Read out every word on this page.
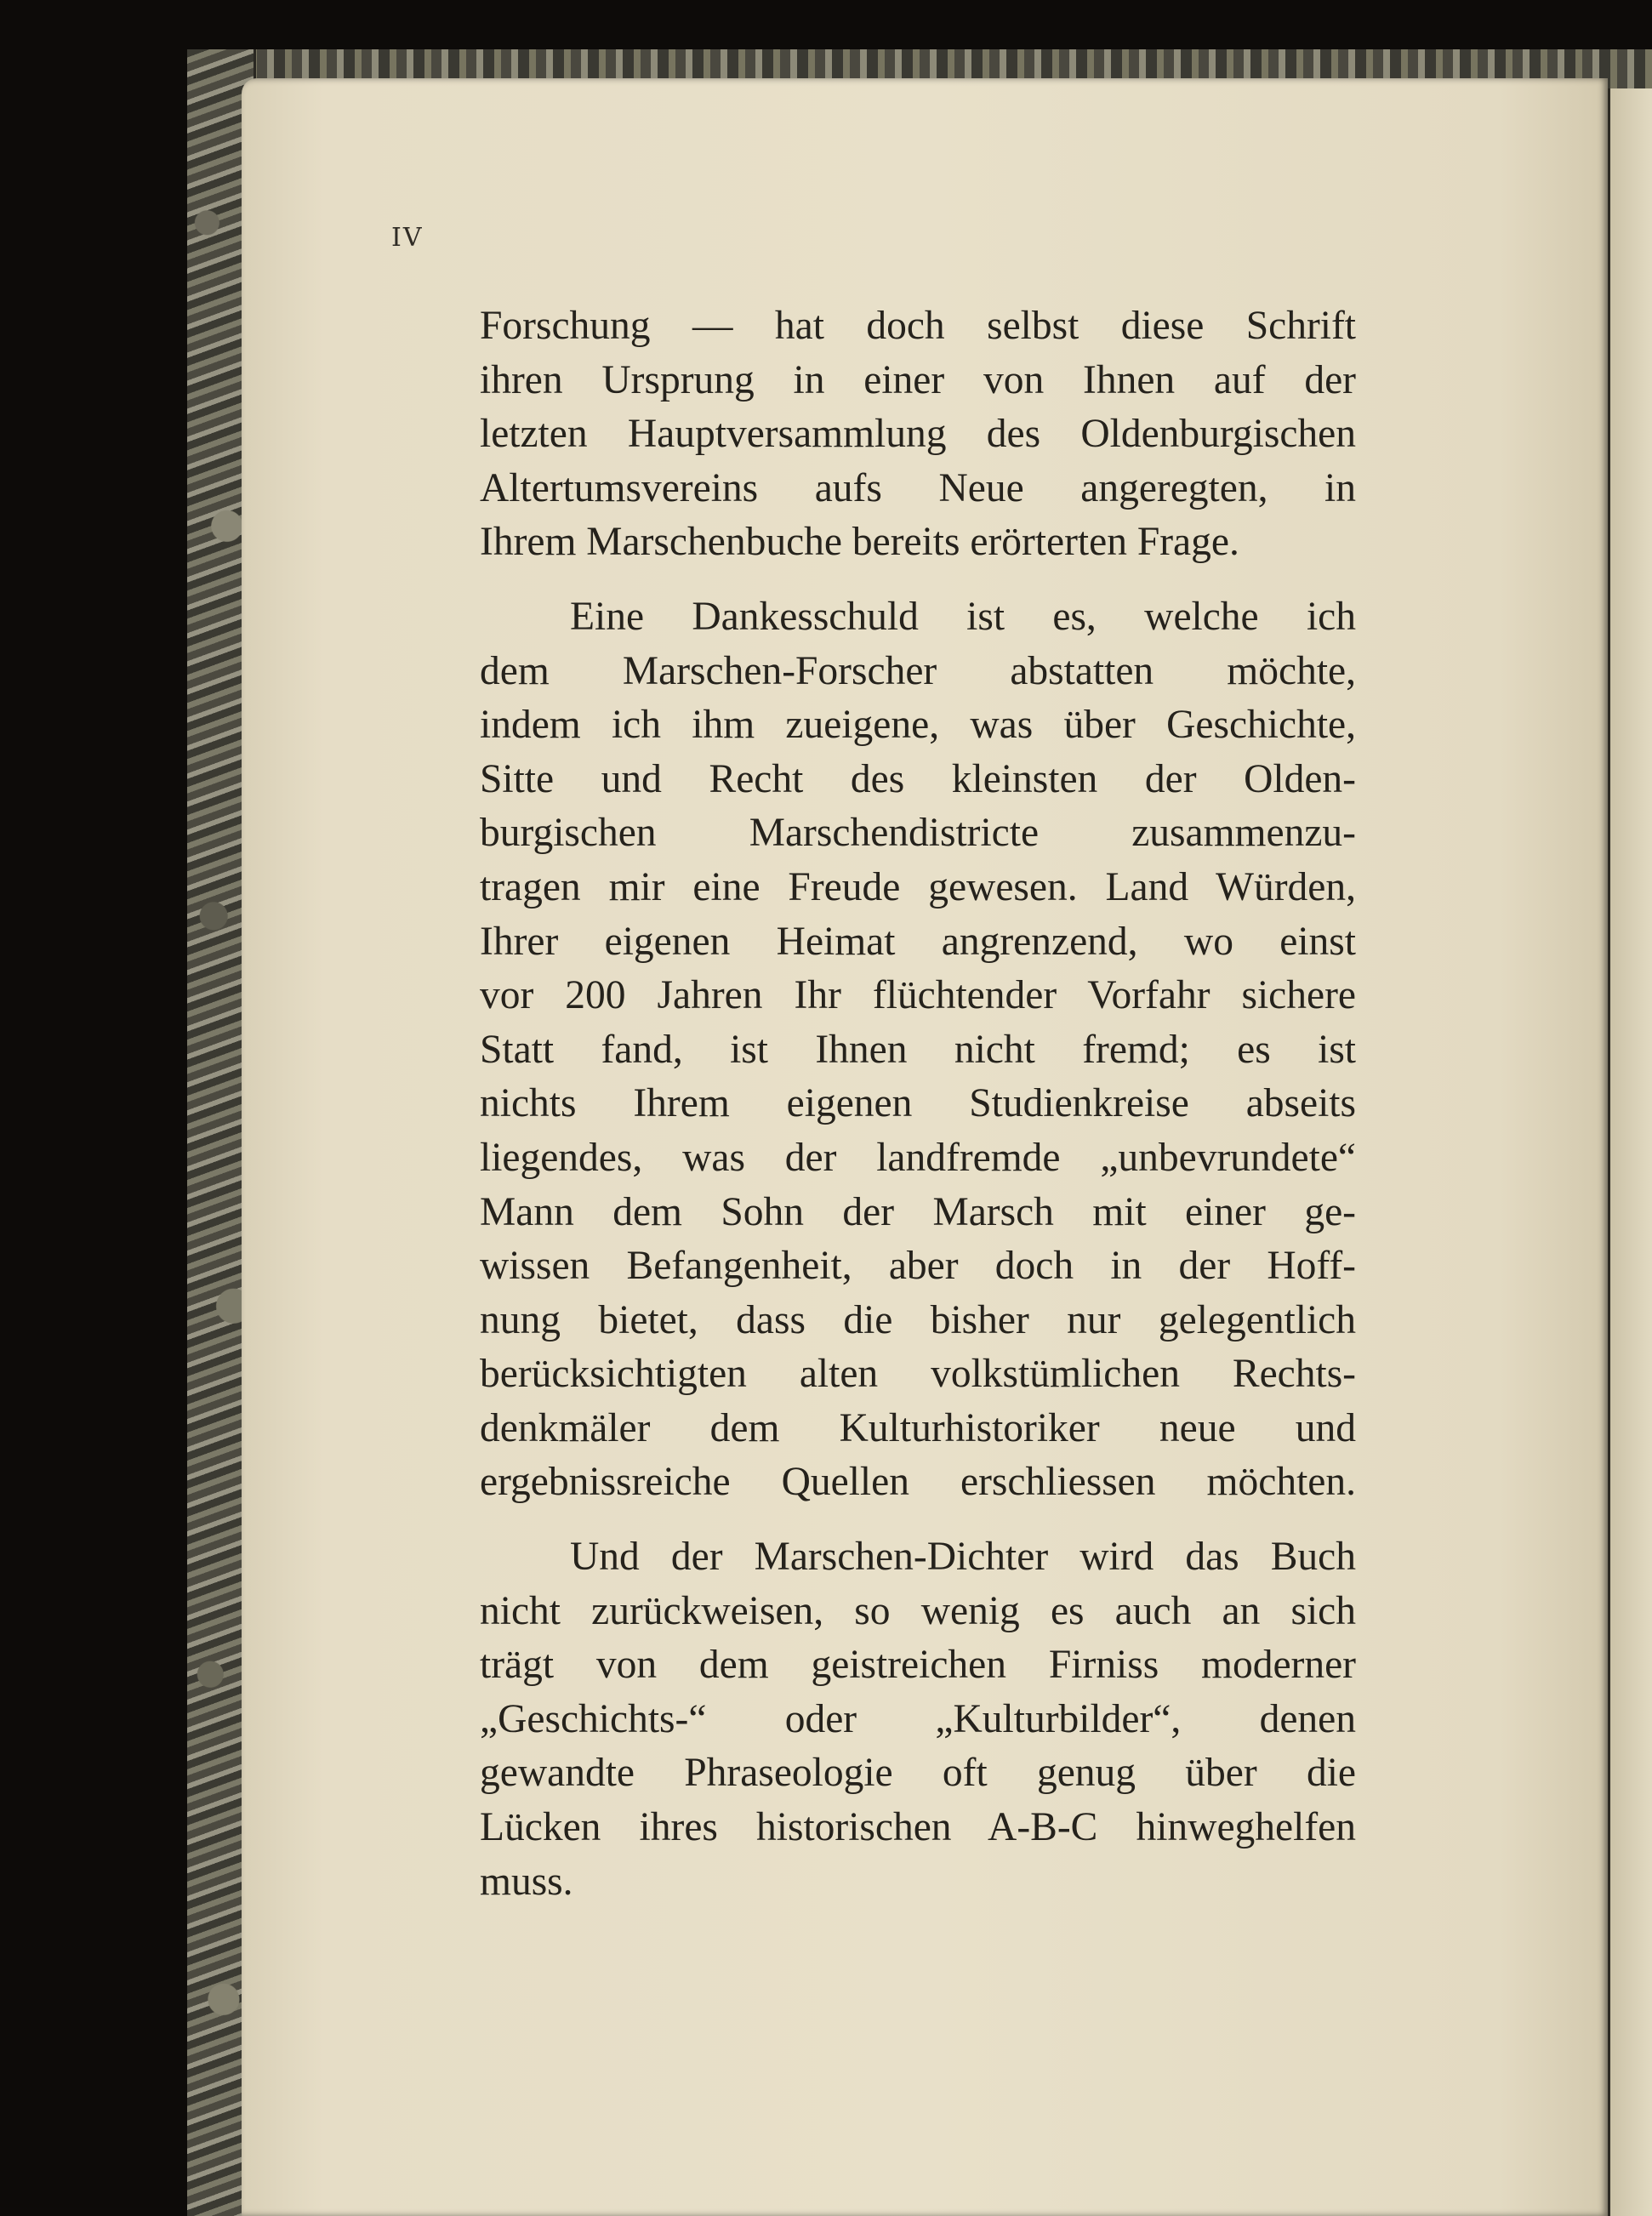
IV
Forschung — hat doch selbst diese Schrift
ihren Ursprung in einer von Ihnen auf der
letzten Hauptversammlung des Oldenburgischen
Altertumsvereins aufs Neue angeregten, in
Ihrem Marschenbuche bereits erörterten Frage.
Eine Dankesschuld ist es, welche ich
dem Marschen-Forscher abstatten möchte,
indem ich ihm zueigene, was über Geschichte,
Sitte und Recht des kleinsten der Olden-
burgischen Marschendistricte zusammenzu-
tragen mir eine Freude gewesen. Land Würden,
Ihrer eigenen Heimat angrenzend, wo einst
vor 200 Jahren Ihr flüchtender Vorfahr sichere
Statt fand, ist Ihnen nicht fremd; es ist
nichts Ihrem eigenen Studienkreise abseits
liegendes, was der landfremde „unbevrundete“
Mann dem Sohn der Marsch mit einer ge-
wissen Befangenheit, aber doch in der Hoff-
nung bietet, dass die bisher nur gelegentlich
berücksichtigten alten volkstümlichen Rechts-
denkmäler dem Kulturhistoriker neue und
ergebnissreiche Quellen erschliessen möchten.
Und der Marschen-Dichter wird das Buch
nicht zurückweisen, so wenig es auch an sich
trägt von dem geistreichen Firniss moderner
„Geschichts-“ oder „Kulturbilder“, denen
gewandte Phraseologie oft genug über die
Lücken ihres historischen A-B-C hinweghelfen
muss.
